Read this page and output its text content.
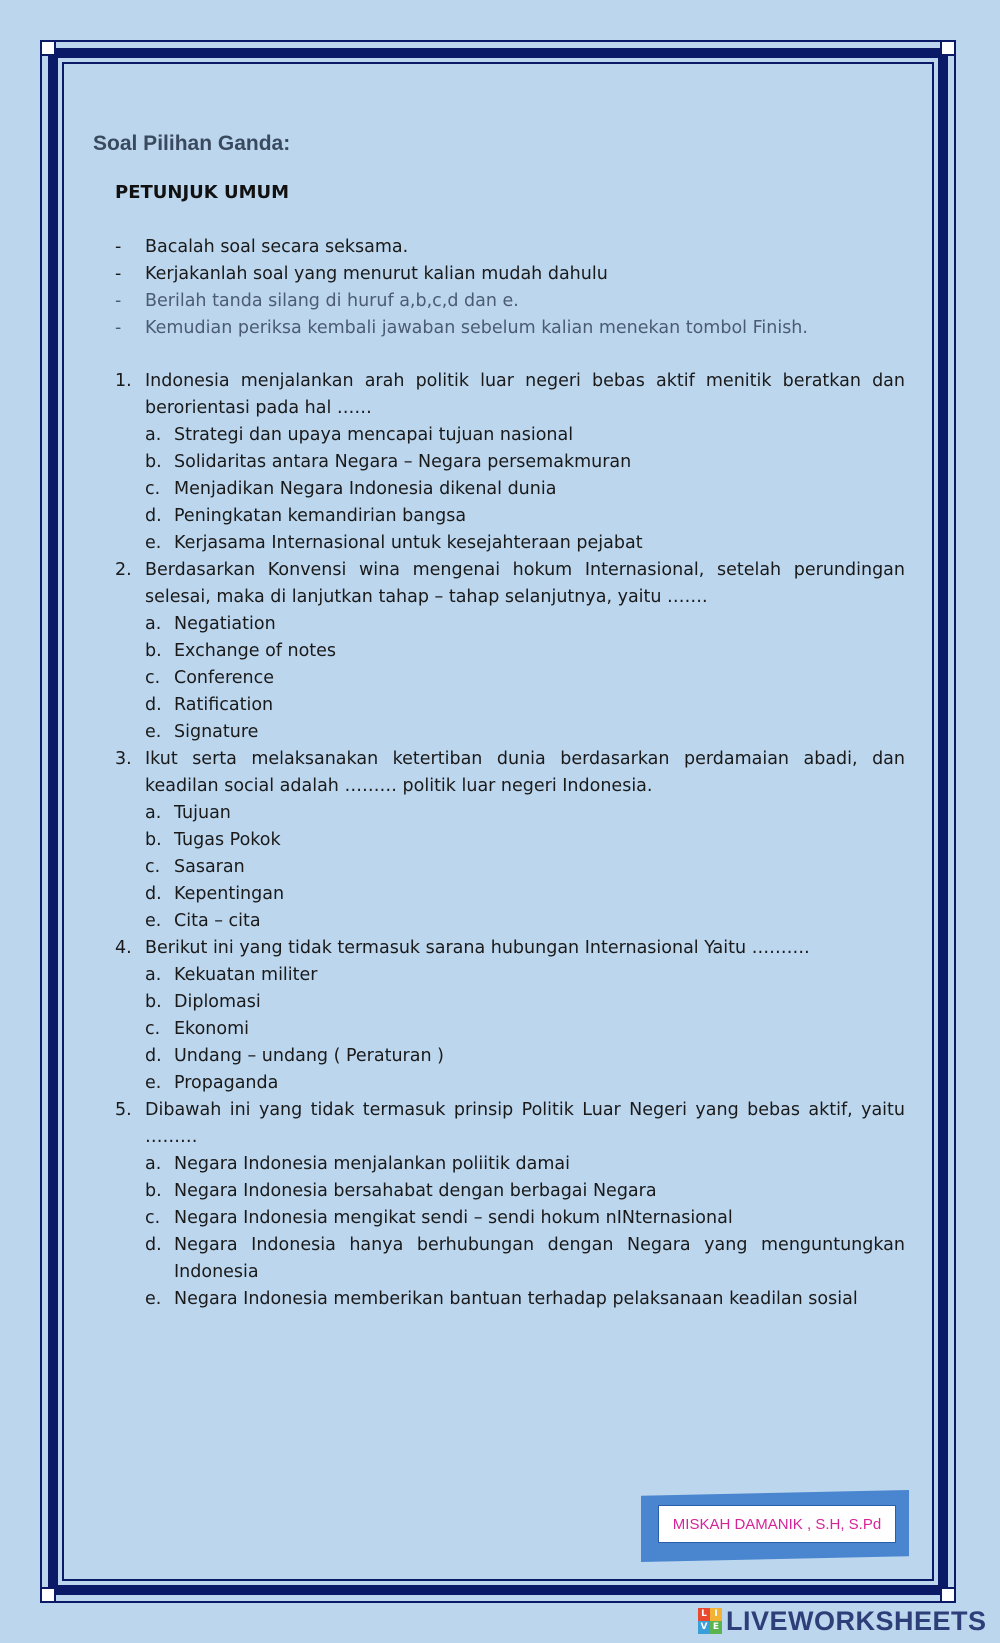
Soal Pilihan Ganda:
PETUNJUK UMUM
- Bacalah soal secara seksama.
- Kerjakanlah soal yang menurut kalian mudah dahulu
- Berilah tanda silang di huruf a,b,c,d dan e.
- Kemudian periksa kembali jawaban sebelum kalian menekan tombol Finish.
1. Indonesia menjalankan arah politik luar negeri bebas aktif menitik beratkan dan berorientasi pada hal ……
a. Strategi dan upaya mencapai tujuan nasional
b. Solidaritas antara Negara – Negara persemakmuran
c. Menjadikan Negara Indonesia dikenal dunia
d. Peningkatan kemandirian bangsa
e. Kerjasama Internasional untuk kesejahteraan pejabat
2. Berdasarkan Konvensi wina mengenai hokum Internasional, setelah perundingan selesai, maka di lanjutkan tahap – tahap selanjutnya, yaitu …….
a. Negatiation
b. Exchange of notes
c. Conference
d. Ratification
e. Signature
3. Ikut serta melaksanakan ketertiban dunia berdasarkan perdamaian abadi, dan keadilan social adalah ……… politik luar negeri Indonesia.
a. Tujuan
b. Tugas Pokok
c. Sasaran
d. Kepentingan
e. Cita – cita
4. Berikut ini yang tidak termasuk sarana hubungan Internasional Yaitu ……….
a. Kekuatan militer
b. Diplomasi
c. Ekonomi
d. Undang – undang ( Peraturan )
e. Propaganda
5. Dibawah ini yang tidak termasuk prinsip Politik Luar Negeri yang bebas aktif, yaitu ………
a. Negara Indonesia menjalankan poliitik damai
b. Negara Indonesia bersahabat dengan berbagai Negara
c. Negara Indonesia mengikat sendi – sendi hokum nINternasional
d. Negara Indonesia hanya berhubungan dengan Negara yang menguntungkan Indonesia
e. Negara Indonesia memberikan bantuan terhadap pelaksanaan keadilan sosial
MISKAH DAMANIK , S.H, S.Pd
L I
V E LIVEWORKSHEETS
